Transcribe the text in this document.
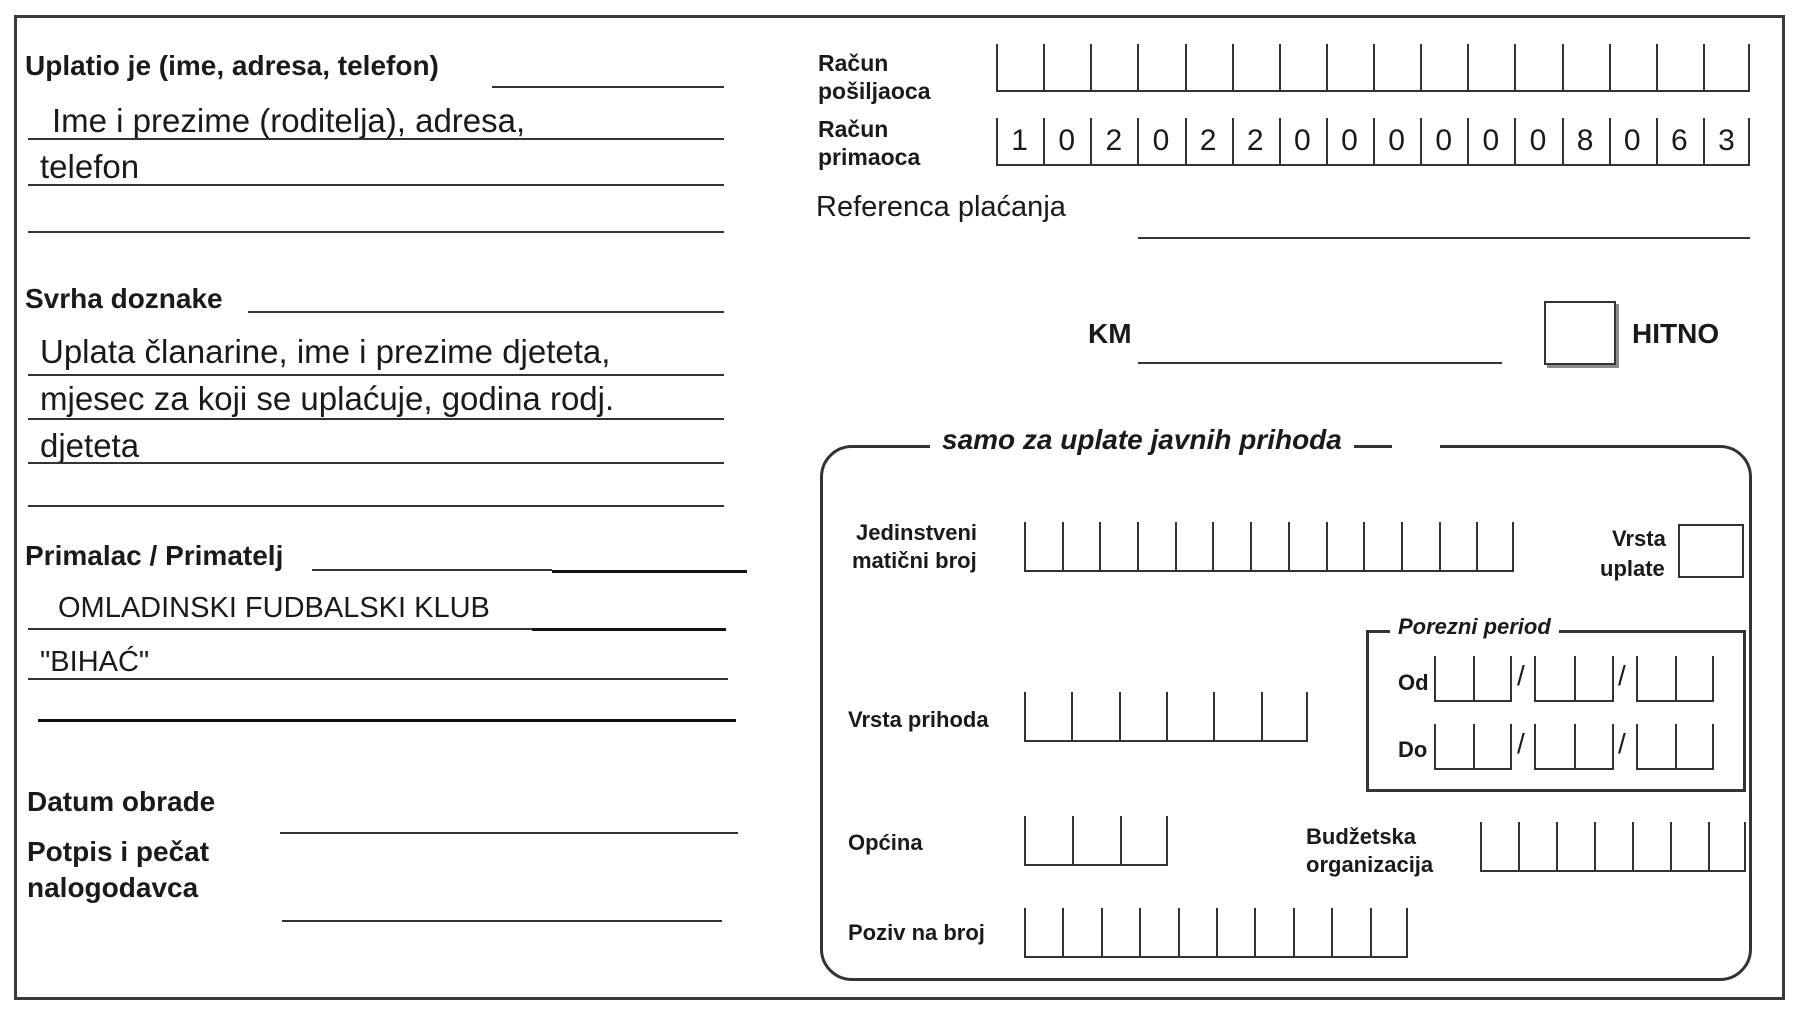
Uplatio je (ime, adresa, telefon)
Ime i prezime (roditelja), adresa,
telefon
Svrha doznake
Uplata članarine, ime i prezime djeteta,
mjesec za koji se uplaćuje, godina rodj.
djeteta
Primalac / Primatelj
OMLADINSKI FUDBALSKI KLUB
"BIHAĆ"
Datum obrade
Potpis i pečat
nalogodavca
Račun
pošiljaoca
Račun
primaoca	1	0	2	0	2	2	0	0	0	0	0	0	8	0	6	3
Referenca plaćanja
KM	HITNO
samo za uplate javnih prihoda
Jedinstveni
matični broj
Vrsta
uplate
Porezni period
Od	/	/
Do	/	/
Vrsta prihoda
Općina	Budžetska
organizacija
Poziv na broj
